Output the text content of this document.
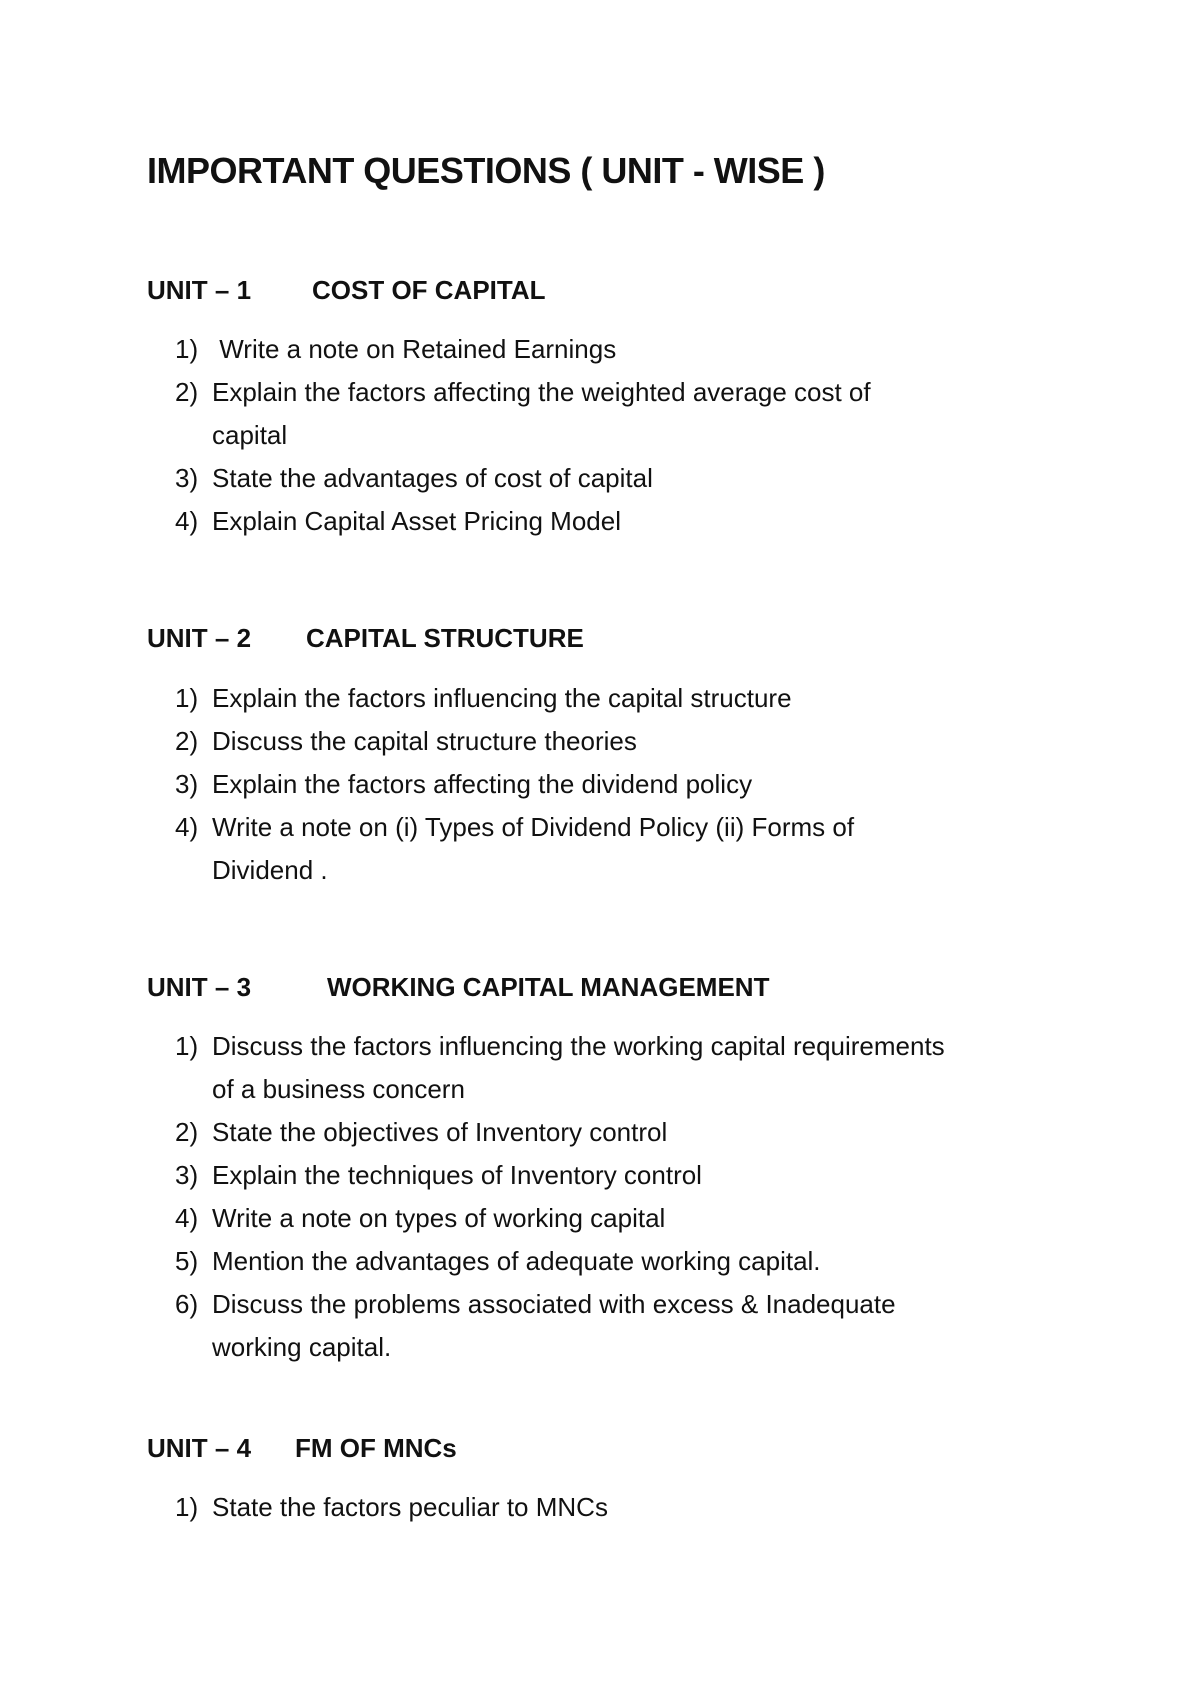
IMPORTANT QUESTIONS ( UNIT - WISE )
UNIT – 1 COST OF CAPITAL
1) Write a note on Retained Earnings
2) Explain the factors affecting the weighted average cost of
capital
3) State the advantages of cost of capital
4) Explain Capital Asset Pricing Model
UNIT – 2 CAPITAL STRUCTURE
1) Explain the factors influencing the capital structure
2) Discuss the capital structure theories
3) Explain the factors affecting the dividend policy
4) Write a note on (i) Types of Dividend Policy (ii) Forms of
Dividend .
UNIT – 3	WORKING CAPITAL MANAGEMENT
1) Discuss the factors influencing the working capital requirements
of a business concern
2) State the objectives of Inventory control
3) Explain the techniques of Inventory control
4) Write a note on types of working capital
5) Mention the advantages of adequate working capital.
6) Discuss the problems associated with excess & Inadequate
working capital.
UNIT – 4 FM OF MNCs
1) State the factors peculiar to MNCs
